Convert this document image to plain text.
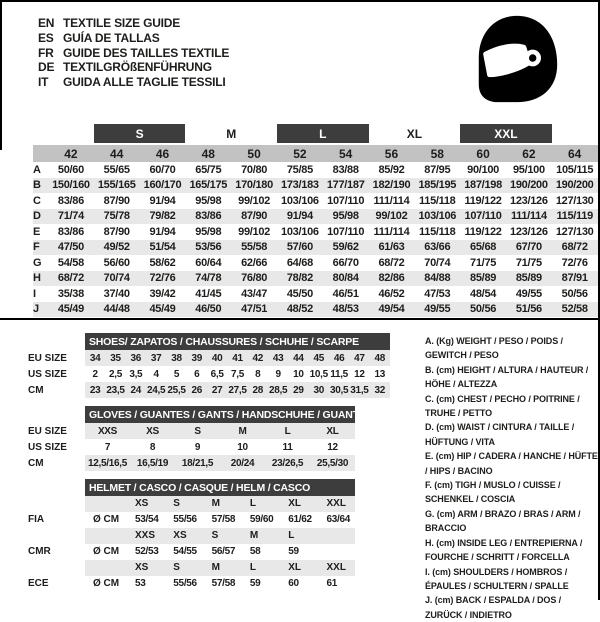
EN TEXTILE SIZE GUIDE
ES GUÍA DE TALLAS
FR GUIDE DES TAILLES TEXTILE
DE TEXTILGRÖßENFÜHRUNG
IT	GUIDA ALLE TAGLIE TESSILI
S	M	L	XL	XXL
42	44	46	48	50	52	54	56	58	60	62	64
A	50/60	55/65	60/70	65/75	70/80	75/85	83/88	85/92	87/95	90/100	95/100	105/115
B	150/160 155/165 160/170 165/175 170/180 173/183 177/187 182/190 185/195 187/198 190/200 190/200
C	83/86	87/90	91/94	95/98	99/102	103/106 107/110 111/114 115/118 119/122 123/126 127/130
D	71/74	75/78	79/82	83/86	87/90	91/94	95/98	99/102	103/106 107/110 111/114 115/119
E	83/86	87/90	91/94	95/98	99/102	103/106 107/110 111/114 115/118 119/122 123/126 127/130
F	47/50	49/52	51/54	53/56	55/58	57/60	59/62	61/63	63/66	65/68	67/70	68/72
G	54/58	56/60	58/62	60/64	62/66	64/68	66/70	68/72	70/74	71/75	71/75	72/76
H	68/72	70/74	72/76	74/78	76/80	78/82	80/84	82/86	84/88	85/89	85/89	87/91
I	35/38	37/40	39/42	41/45	43/47	45/50	46/51	46/52	47/53	48/54	49/55	50/56
J	45/49	44/48	45/49	46/50	47/51	48/52	48/53	49/54	49/55	50/56	51/56	52/58
SHOES/ ZAPATOS / CHAUSSURES / SCHUHE / SCARPE
EU SIZE	34 35 36 37 38 39 40 41 42 43 44 45 46 47 48
US SIZE	2	2,5 3,5	4	5	6	6,5 7,5	8	9	10 10,5 11,5 12 13
CM	23 23,5 24 24,5 25,5 26 27 27,5 28 28,5 29 30 30,5 31,5 32
GLOVES / GUANTES / GANTS / HANDSCHUHE / GUANTI
EU SIZE	XXS	XS	S	M	L	XL
US SIZE	7	8	9	10	11	12
CM	12,5/16,5 16,5/19	18/21,5	20/24	23/26,5	25,5/30
HELMET / CASCO / CASQUE / HELM / CASCO
XS	S	M	L	XL	XXL
FIA	Ø CM	53/54	55/56	57/58	59/60	61/62	63/64
XXS	XS	S	M	L
CMR	Ø CM	52/53	54/55	56/57	58	59
XS	S	M	L	XL	XXL
ECE	Ø CM	53	55/56	57/58	59	60	61
A. (Kg) WEIGHT / PESO / POIDS / GEWITCH / PESO
B. (cm) HEIGHT / ALTURA / HAUTEUR / HÖHE / ALTEZZA
C. (cm) CHEST / PECHO / POITRINE / TRUHE / PETTO
D. (cm) WAIST / CINTURA / TAILLE / HÜFTUNG / VITA
E. (cm) HIP / CADERA / HANCHE / HÜFTE / HIPS / BACINO
F. (cm) TIGH / MUSLO / CUISSE / SCHENKEL / COSCIA
G. (cm) ARM / BRAZO / BRAS / ARM / BRACCIO
H. (cm) INSIDE LEG / ENTREPIERNA / FOURCHE / SCHRITT / FORCELLA
I. (cm) SHOULDERS / HOMBROS / ÉPAULES / SCHULTERN / SPALLE
J. (cm) BACK / ESPALDA / DOS / ZURÜCK / INDIETRO
